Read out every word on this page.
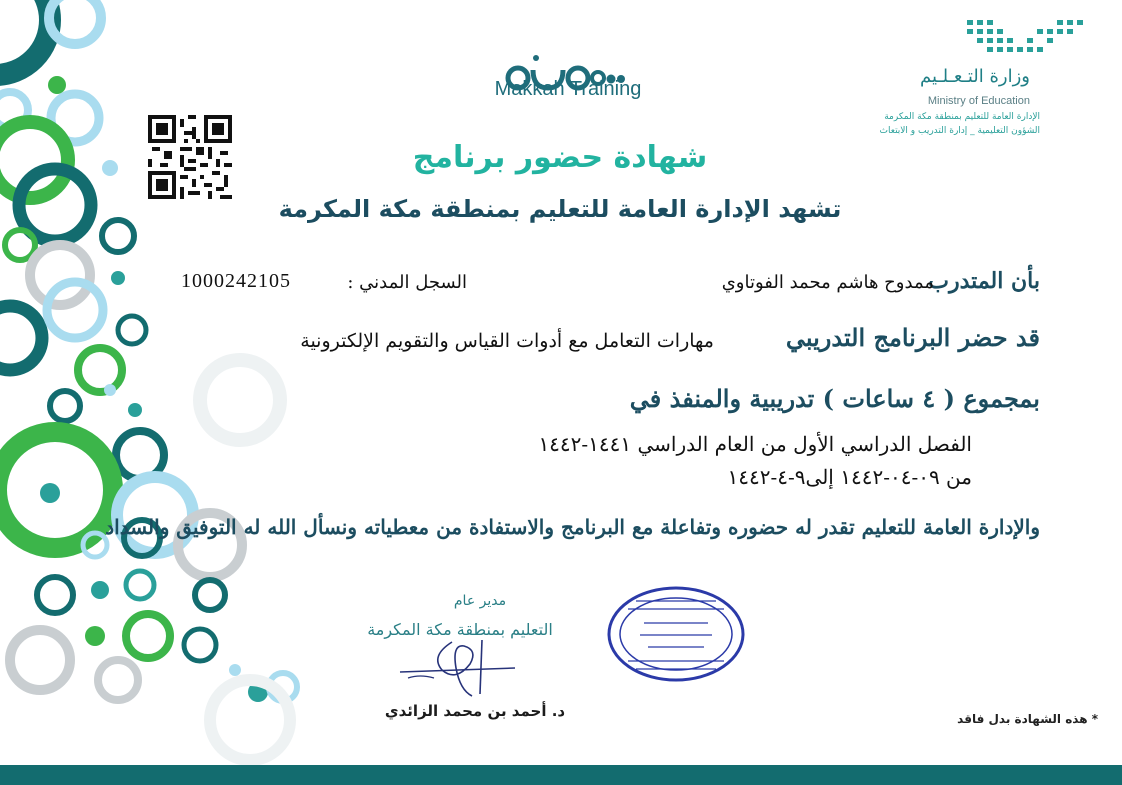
Makkah Training
وزارة التـعـلـيم
Ministry of Education
الإدارة العامة للتعليم بمنطقة مكة المكرمة
الشؤون التعليمية _ إدارة التدريب و الابتعاث
شهادة حضور برنامج
تشهد الإدارة العامة للتعليم بمنطقة مكة المكرمة
بأن المتدرب
ممدوح هاشم محمد الفوتاوي
السجل المدني :
1000242105
قد حضر البرنامج التدريبي
مهارات التعامل مع أدوات القياس والتقويم الإلكترونية
بمجموع ( ٤ ساعات ) تدريبية والمنفذ في
الفصل الدراسي الأول من العام الدراسي ١٤٤١-١٤٤٢
من ٠٩-٠٤-١٤٤٢ إلى٩-٤-١٤٤٢
والإدارة العامة للتعليم تقدر له حضوره وتفاعلة مع البرنامج والاستفادة من معطياته ونسأل الله له التوفيق والسداد
مدير عام
التعليم بمنطقة مكة المكرمة
د. أحمد بن محمد الزائدي	* هذه الشهادة بدل فاقد
